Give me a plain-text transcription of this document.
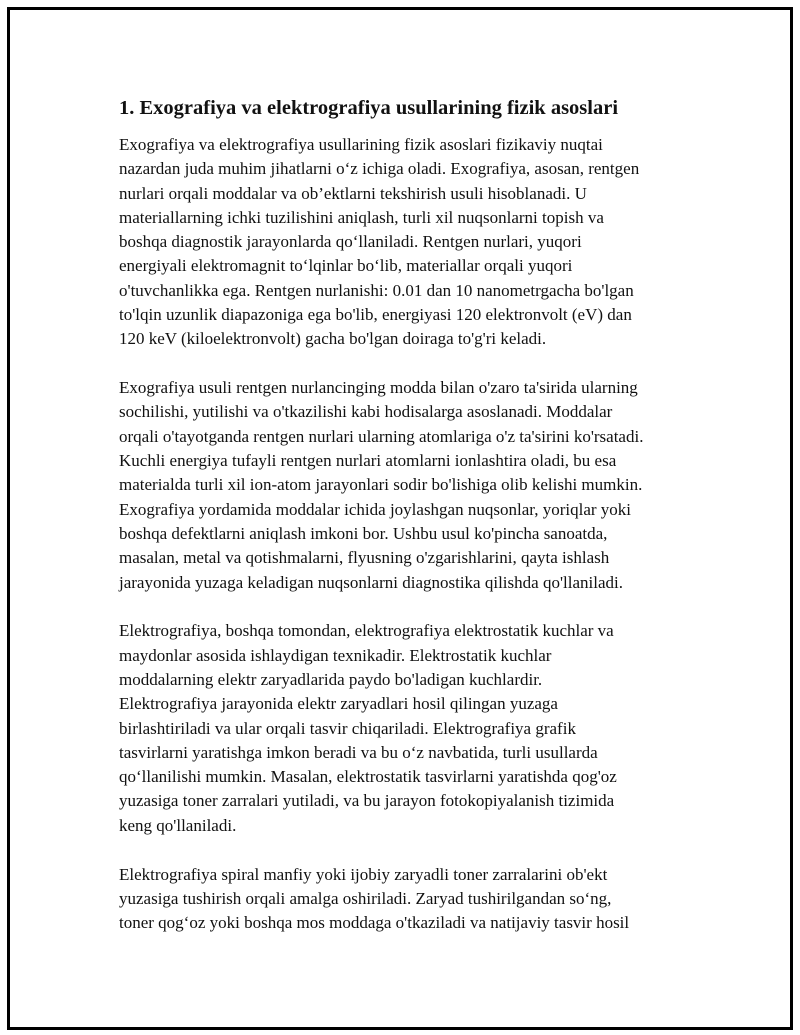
1. Exografiya va elektrografiya usullarining fizik asoslari
Exografiya va elektrografiya usullarining fizik asoslari fizikaviy nuqtai
nazardan juda muhim jihatlarni o‘z ichiga oladi. Exografiya, asosan, rentgen
nurlari orqali moddalar va ob’ektlarni tekshirish usuli hisoblanadi. U
materiallarning ichki tuzilishini aniqlash, turli xil nuqsonlarni topish va
boshqa diagnostik jarayonlarda qo‘llaniladi. Rentgen nurlari, yuqori
energiyali elektromagnit to‘lqinlar bo‘lib, materiallar orqali yuqori
o'tuvchanlikka ega. Rentgen nurlanishi: 0.01 dan 10 nanometrgacha bo'lgan
to'lqin uzunlik diapazoniga ega bo'lib, energiyasi 120 elektronvolt (eV) dan
120 keV (kiloelektronvolt) gacha bo'lgan doiraga to'g'ri keladi.
Exografiya usuli rentgen nurlancinging modda bilan o'zaro ta'sirida ularning
sochilishi, yutilishi va o'tkazilishi kabi hodisalarga asoslanadi. Moddalar
orqali o'tayotganda rentgen nurlari ularning atomlariga o'z ta'sirini ko'rsatadi.
Kuchli energiya tufayli rentgen nurlari atomlarni ionlashtira oladi, bu esa
materialda turli xil ion-atom jarayonlari sodir bo'lishiga olib kelishi mumkin.
Exografiya yordamida moddalar ichida joylashgan nuqsonlar, yoriqlar yoki
boshqa defektlarni aniqlash imkoni bor. Ushbu usul ko'pincha sanoatda,
masalan, metal va qotishmalarni, flyusning o'zgarishlarini, qayta ishlash
jarayonida yuzaga keladigan nuqsonlarni diagnostika qilishda qo'llaniladi.
Elektrografiya, boshqa tomondan, elektrografiya elektrostatik kuchlar va
maydonlar asosida ishlaydigan texnikadir. Elektrostatik kuchlar
moddalarning elektr zaryadlarida paydo bo'ladigan kuchlardir.
Elektrografiya jarayonida elektr zaryadlari hosil qilingan yuzaga
birlashtiriladi va ular orqali tasvir chiqariladi. Elektrografiya grafik
tasvirlarni yaratishga imkon beradi va bu o‘z navbatida, turli usullarda
qo‘llanilishi mumkin. Masalan, elektrostatik tasvirlarni yaratishda qog'oz
yuzasiga toner zarralari yutiladi, va bu jarayon fotokopiyalanish tizimida
keng qo'llaniladi.
Elektrografiya spiral manfiy yoki ijobiy zaryadli toner zarralarini ob'ekt
yuzasiga tushirish orqali amalga oshiriladi. Zaryad tushirilgandan so‘ng,
toner qog‘oz yoki boshqa mos moddaga o'tkaziladi va natijaviy tasvir hosil
